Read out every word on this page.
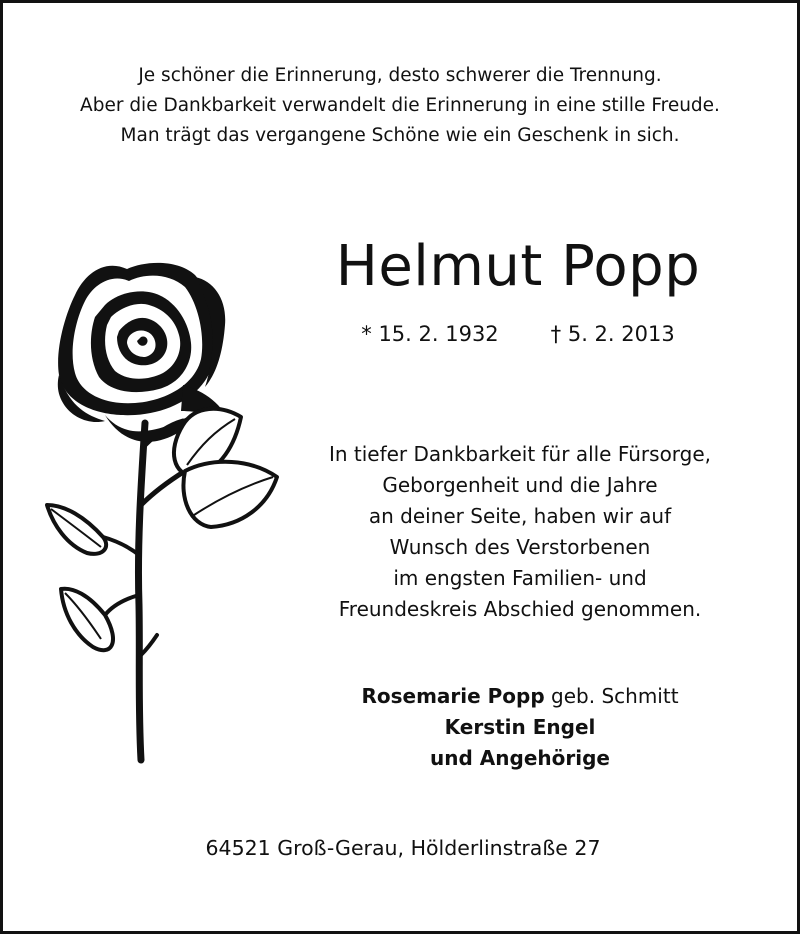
Je schöner die Erinnerung, desto schwerer die Trennung.
Aber die Dankbarkeit verwandelt die Erinnerung in eine stille Freude.
Man trägt das vergangene Schöne wie ein Geschenk in sich.
Helmut Popp
* 15. 2. 1932 † 5. 2. 2013
In tiefer Dankbarkeit für alle Fürsorge,
Geborgenheit und die Jahre
an deiner Seite, haben wir auf
Wunsch des Verstorbenen
im engsten Familien- und
Freundeskreis Abschied genommen.
Rosemarie Popp geb. Schmitt
Kerstin Engel
und Angehörige
64521 Groß-Gerau, Hölderlinstraße 27
